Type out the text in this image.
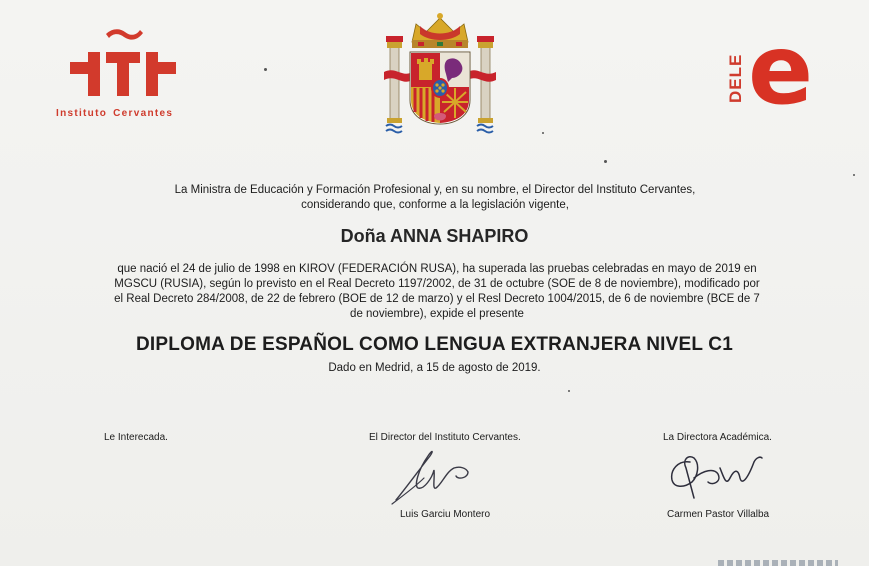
Instituto Cervantes
DELE e
La Ministra de Educación y Formación Profesional y, en su nombre, el Director del Instituto Cervantes, considerando que, conforme a la legislación vigente,
Doña ANNA SHAPIRO
que nació el 24 de julio de 1998 en KIROV (FEDERACIÓN RUSA), ha superada las pruebas celebradas en mayo de 2019 en MGSCU (RUSIA), según lo previsto en el Real Decreto 1197/2002, de 31 de octubre (SOE de 8 de noviembre), modificado por el Real Decreto 284/2008, de 22 de febrero (BOE de 12 de marzo) y el Resl Decreto 1004/2015, de 6 de noviembre (BCE de 7 de noviembre), expide el presente
DIPLOMA DE ESPAÑOL COMO LENGUA EXTRANJERA NIVEL C1
Dado en Medrid, a 15 de agosto de 2019.
Le Interecada.	El Director del Instituto Cervantes.
Luis Garciu Montero
La Directora Académica.
Carmen Pastor Villalba
